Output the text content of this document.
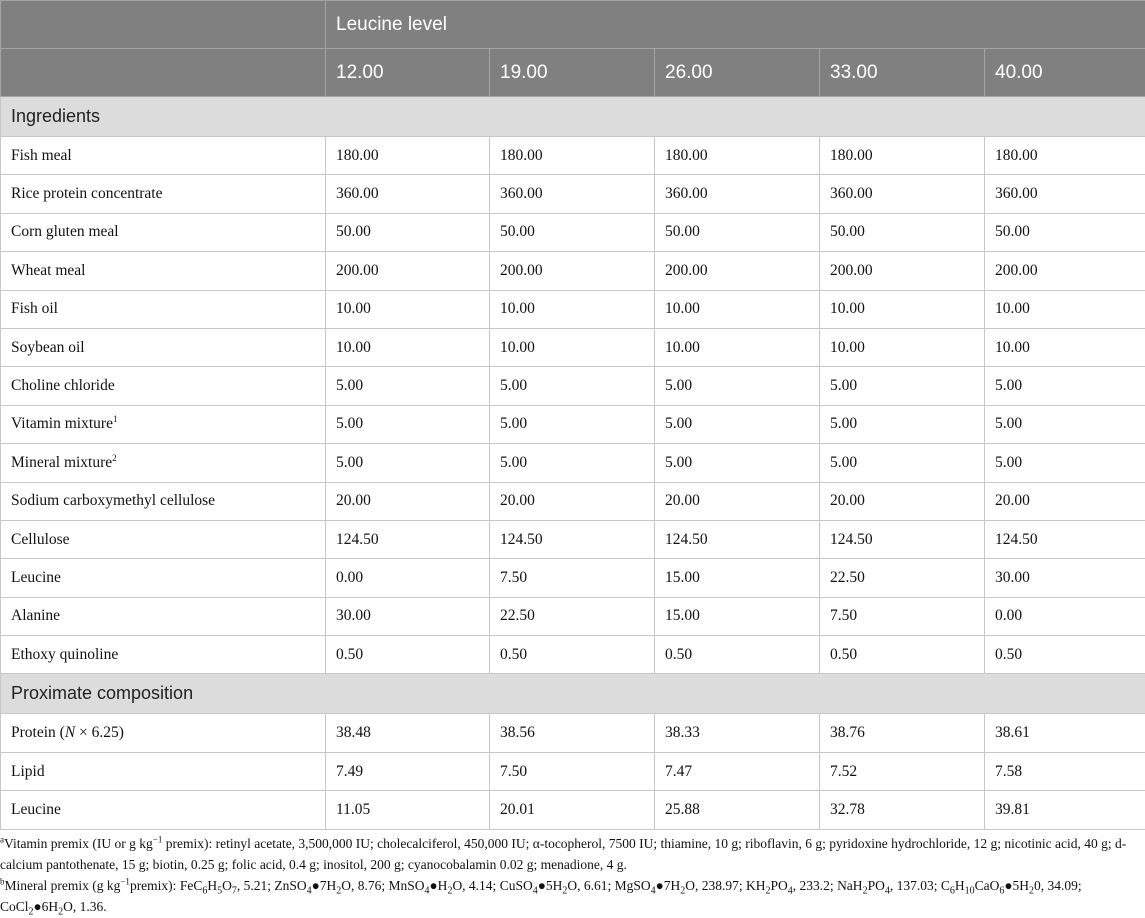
	Leucine level				
	12.00	19.00	26.00	33.00	40.00
Ingredients					
Fish meal	180.00	180.00	180.00	180.00	180.00
Rice protein concentrate	360.00	360.00	360.00	360.00	360.00
Corn gluten meal	50.00	50.00	50.00	50.00	50.00
Wheat meal	200.00	200.00	200.00	200.00	200.00
Fish oil	10.00	10.00	10.00	10.00	10.00
Soybean oil	10.00	10.00	10.00	10.00	10.00
Choline chloride	5.00	5.00	5.00	5.00	5.00
Vitamin mixture$^1$	5.00	5.00	5.00	5.00	5.00
Mineral mixture$^2$	5.00	5.00	5.00	5.00	5.00
Sodium carboxymethyl cellulose	20.00	20.00	20.00	20.00	20.00
Cellulose	124.50	124.50	124.50	124.50	124.50
Leucine	0.00	7.50	15.00	22.50	30.00
Alanine	30.00	22.50	15.00	7.50	0.00
Ethoxy quinoline	0.50	0.50	0.50	0.50	0.50
Proximate composition					
Protein (N × 6.25)	38.48	38.56	38.33	38.76	38.61
Lipid	7.49	7.50	7.47	7.52	7.58
Leucine	11.05	20.01	25.88	32.78	39.81

$^a$Vitamin premix (IU or g $kg^{-1}$ premix): retinyl acetate, 3,500,000 IU; cholecalciferol, 450,000 IU; α-tocopherol, 7500 IU; thiamine, 10 g; riboflavin, 6 g; pyridoxine hydrochloride, 12 g; nicotinic acid, 40 g; d-calcium pantothenate, 15 g; biotin, 0.25 g; folic acid, 0.4 g; inositol, 200 g; cyanocobalamin 0.02 g; menadione, 4 g.

$^b$Mineral premix (g $kg^{-1}premix$): $FeC_6H_5O_7$, 5.21; $ZnSO_4●7H_2O$, 8.76; $MnSO_4●H_2O$, 4.14; $CuSO_4●5H_2O$, 6.61; $MgSO_4●7H_2O$, 238.97; $KH_2PO_4$, 233.2; $NaH_2PO_4$, 137.03; $C_6H_{10}CaO_6●5H_20$, 34.09; $CoCl_2●6H_2O$, 1.36.
